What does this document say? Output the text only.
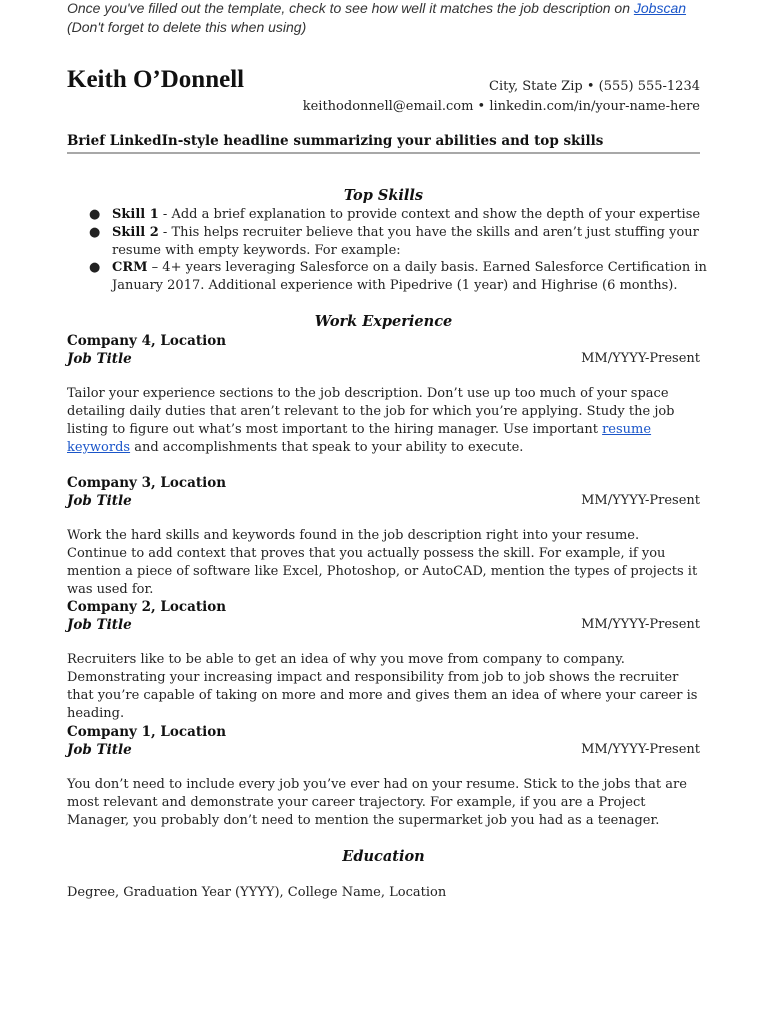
Once you've filled out the template, check to see how well it matches the job description on Jobscan
(Don't forget to delete this when using)
Keith O’Donnell	City, State Zip • (555) 555-1234
keithodonnell@email.com • linkedin.com/in/your-name-here
Brief LinkedIn-style headline summarizing your abilities and top skills
Top Skills
● Skill 1 - Add a brief explanation to provide context and show the depth of your expertise
● Skill 2 - This helps recruiter believe that you have the skills and aren’t just stuffing your resume with empty keywords. For example:
● CRM – 4+ years leveraging Salesforce on a daily basis. Earned Salesforce Certification in January 2017. Additional experience with Pipedrive (1 year) and Highrise (6 months).
Work Experience
Company 4, Location
Job Title	MM/YYYY-Present
Tailor your experience sections to the job description. Don’t use up too much of your space detailing daily duties that aren’t relevant to the job for which you’re applying. Study the job listing to figure out what’s most important to the hiring manager. Use important resume keywords and accomplishments that speak to your ability to execute.
Company 3, Location
Job Title	MM/YYYY-Present
Work the hard skills and keywords found in the job description right into your resume. Continue to add context that proves that you actually possess the skill. For example, if you mention a piece of software like Excel, Photoshop, or AutoCAD, mention the types of projects it was used for.
Company 2, Location
Job Title	MM/YYYY-Present
Recruiters like to be able to get an idea of why you move from company to company. Demonstrating your increasing impact and responsibility from job to job shows the recruiter that you’re capable of taking on more and more and gives them an idea of where your career is heading.
Company 1, Location
Job Title	MM/YYYY-Present
You don’t need to include every job you’ve ever had on your resume. Stick to the jobs that are most relevant and demonstrate your career trajectory. For example, if you are a Project Manager, you probably don’t need to mention the supermarket job you had as a teenager.
Education
Degree, Graduation Year (YYYY), College Name, Location
